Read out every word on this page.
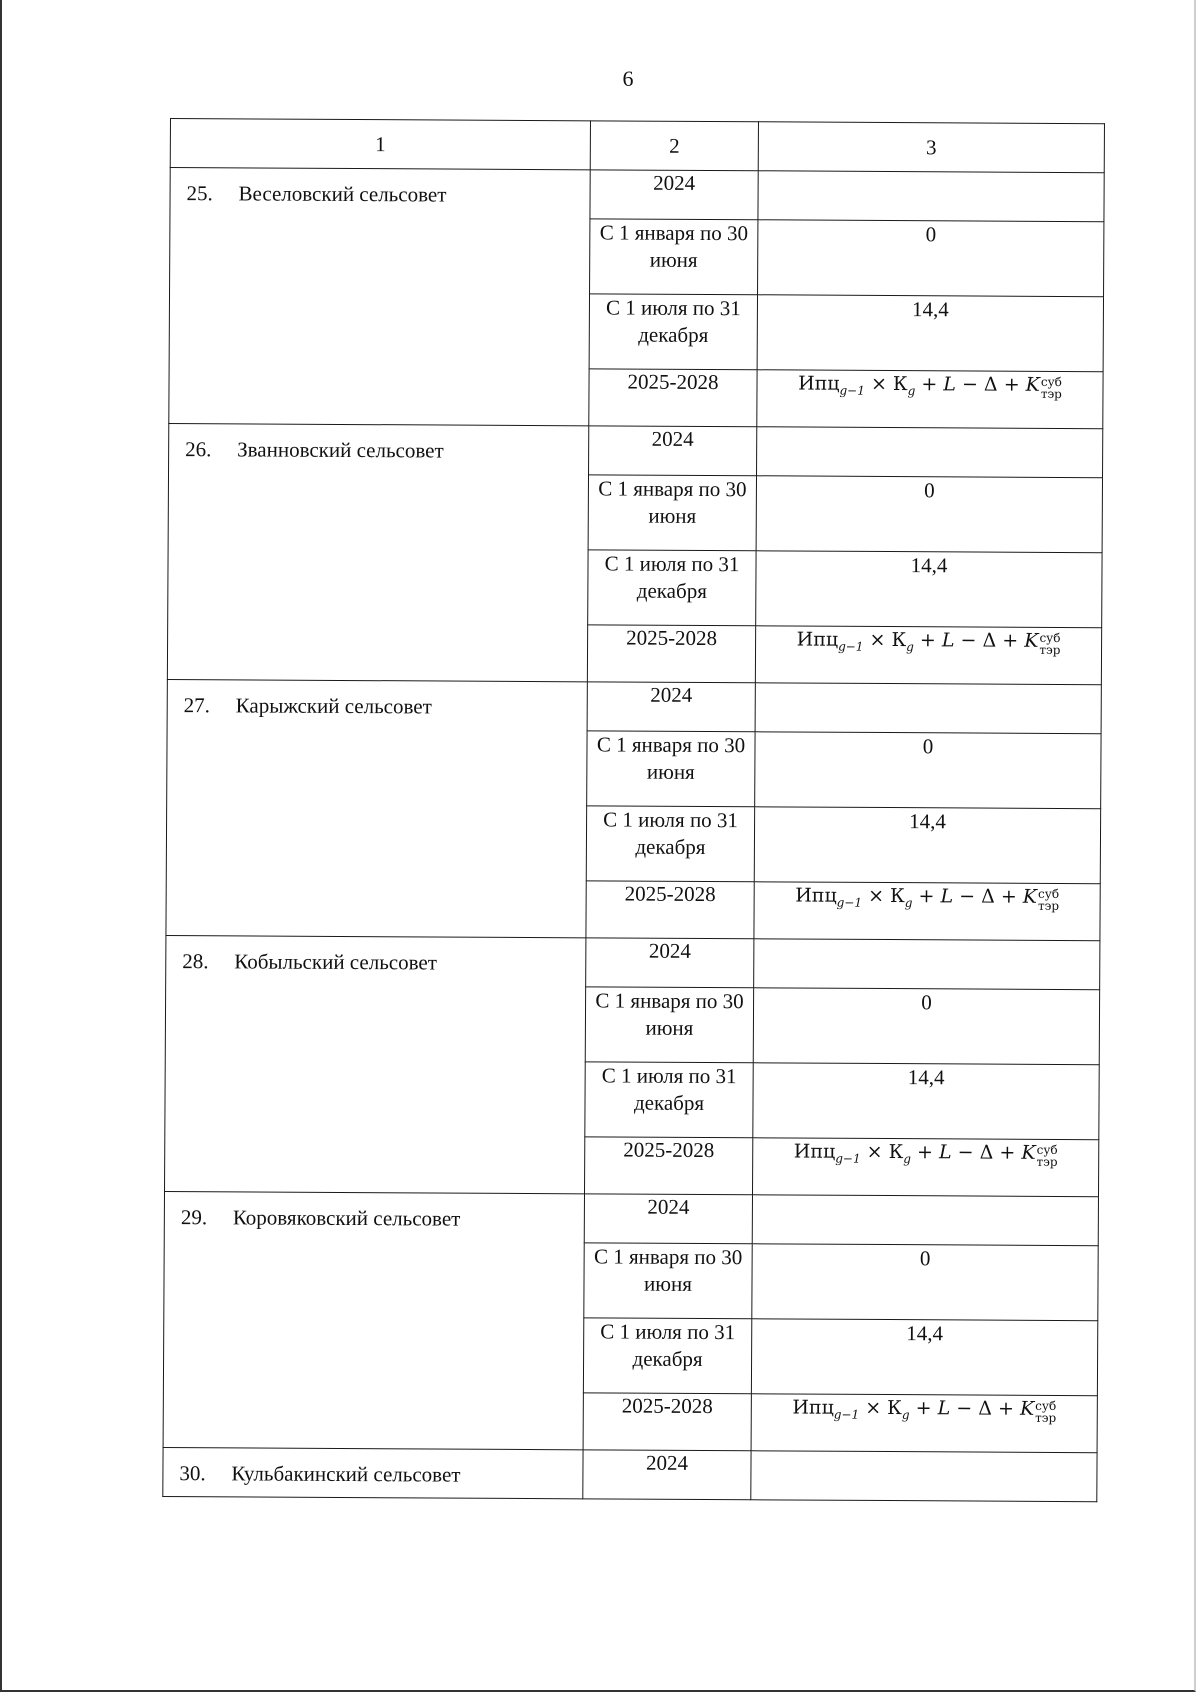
6
1	2	3
25. Веселовский сельсовет	2024	
	С 1 января по 30 июня	0
	С 1 июля по 31 декабря	14,4
	2025-2028	$Ипц_{g-1} \times К_g + L - \Delta + K$ суб
тэр

26. Званновский сельсовет	2024	
	С 1 января по 30 июня	0
	С 1 июля по 31 декабря	14,4
	2025-2028	$Ипц_{g-1} \times К_g + L - \Delta + K$ суб
тэр

27. Карыжский сельсовет	2024	
	С 1 января по 30 июня	0
	С 1 июля по 31 декабря	14,4
	2025-2028	$Ипц_{g-1} \times К_g + L - \Delta + K$ суб
тэр

28. Кобыльский сельсовет	2024	
	С 1 января по 30 июня	0
	С 1 июля по 31 декабря	14,4
	2025-2028	$Ипц_{g-1} \times К_g + L - \Delta + K$ суб
тэр

29. Коровяковский сельсовет	2024	
	С 1 января по 30 июня	0
	С 1 июля по 31 декабря	14,4
	2025-2028	$Ипц_{g-1} \times К_g + L - \Delta + K$ суб
тэр

30. Кульбакинский сельсовет	2024	
